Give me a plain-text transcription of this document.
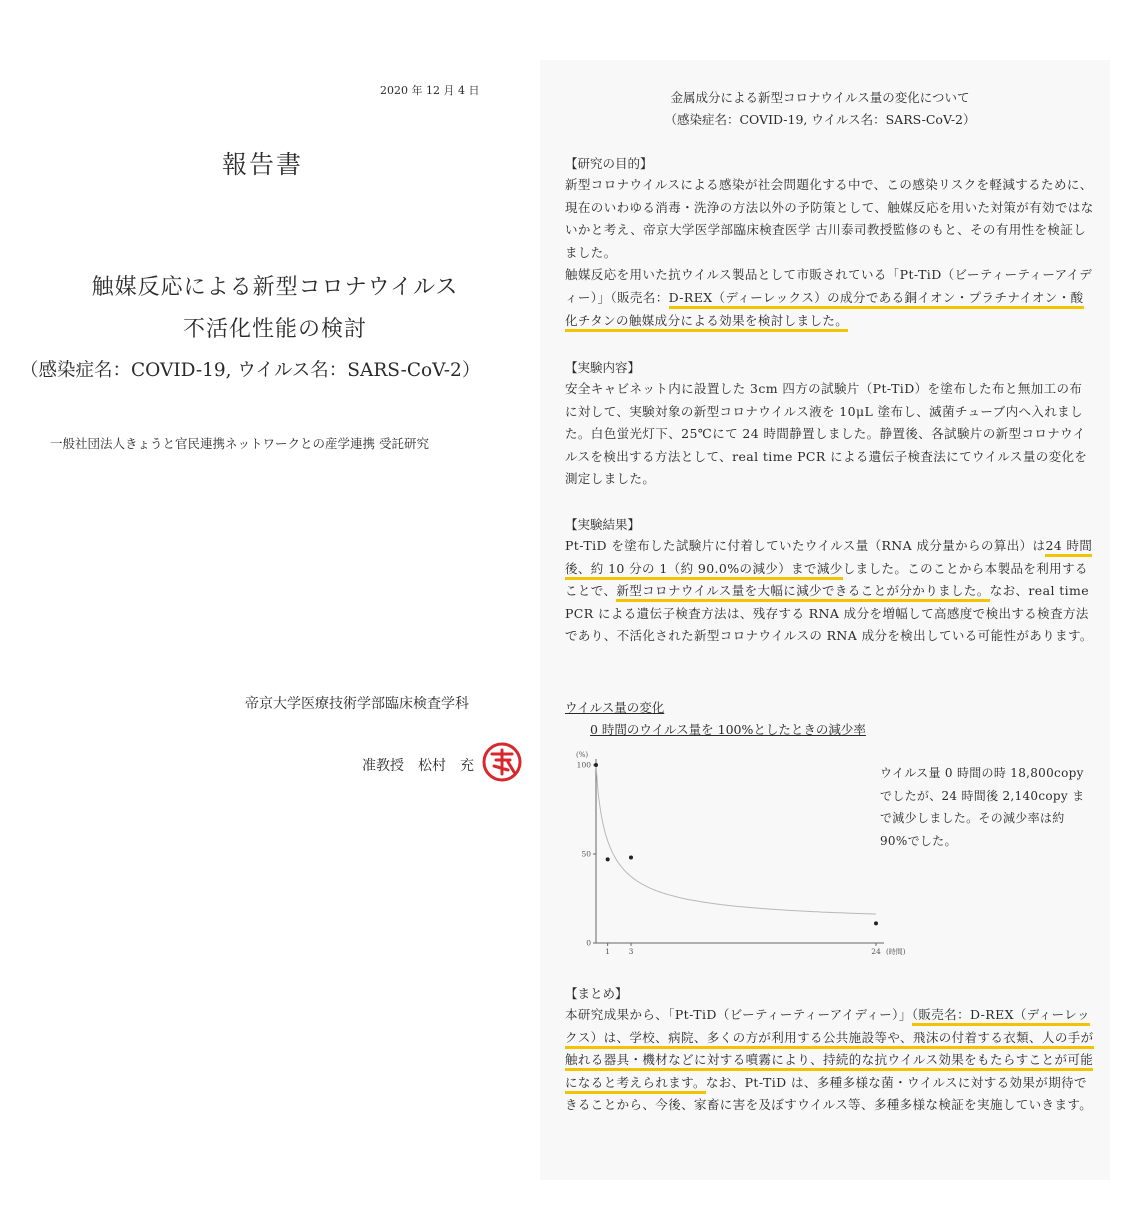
2020 年 12 月 4 日
報告書
触媒反応による新型コロナウイルス
不活化性能の検討
（感染症名：COVID-19, ウイルス名：SARS-CoV-2）
一般社団法人きょうと官民連携ネットワークとの産学連携 受託研究
帝京大学医療技術学部臨床検査学科
准教授　松村　充
金属成分による新型コロナウイルス量の変化について
（感染症名：COVID-19, ウイルス名：SARS-CoV-2）

【研究の目的】

新型コロナウイルスによる感染が社会問題化する中で、この感染リスクを軽減するために、現在のいわゆる消毒・洗浄の方法以外の予防策として、触媒反応を用いた対策が有効ではないかと考え、帝京大学医学部臨床検査医学 古川泰司教授監修のもと、その有用性を検証しました。

触媒反応を用いた抗ウイルス製品として市販されている「Pt-TiD（ビーティーティーアイディー）」（販売名：D-REX（ディーレックス）の成分である銅イオン・プラチナイオン・酸化チタンの触媒成分による効果を検討しました。

【実験内容】

安全キャビネット内に設置した 3cm 四方の試験片（Pt-TiD）を塗布した布と無加工の布に対して、実験対象の新型コロナウイルス液を 10μL 塗布し、滅菌チューブ内へ入れました。白色蛍光灯下、25℃にて 24 時間静置しました。静置後、各試験片の新型コロナウイルスを検出する方法として、real time PCR による遺伝子検査法にてウイルス量の変化を測定しました。

【実験結果】

Pt-TiD を塗布した試験片に付着していたウイルス量（RNA 成分量からの算出）は24 時間後、約 10 分の 1（約 90.0%の減少）まで減少しました。このことから本製品を利用することで、新型コロナウイルス量を大幅に減少できることが分かりました。なお、real time PCR による遺伝子検査方法は、残存する RNA 成分を増幅して高感度で検出する検査方法であり、不活化された新型コロナウイルスの RNA 成分を検出している可能性があります。

ウイルス量の変化
0 時間のウイルス量を 100%としたときの減少率
(%)
0
50
100
1 3	24 (時間)
ウイルス量 0 時間の時 18,800copy でしたが、24 時間後 2,140copy まで減少しました。その減少率は約 90%でした。

【まとめ】

本研究成果から、「Pt-TiD（ビーティーティーアイディー）」（販売名：D-REX（ディーレックス）は、学校、病院、多くの方が利用する公共施設等や、飛沫の付着する衣類、人の手が触れる器具・機材などに対する噴霧により、持続的な抗ウイルス効果をもたらすことが可能になると考えられます。なお、Pt-TiD は、多種多様な菌・ウイルスに対する効果が期待できることから、今後、家畜に害を及ぼすウイルス等、多種多様な検証を実施していきます。
